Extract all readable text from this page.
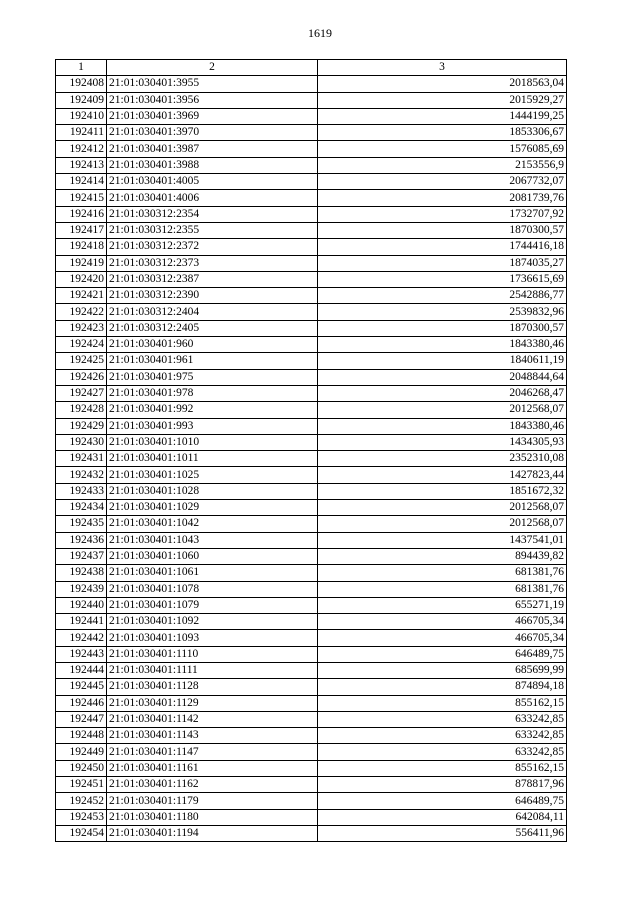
1619
1	2	3
192408	21:01:030401:3955	2018563,04
192409	21:01:030401:3956	2015929,27
192410	21:01:030401:3969	1444199,25
192411	21:01:030401:3970	1853306,67
192412	21:01:030401:3987	1576085,69
192413	21:01:030401:3988	2153556,9
192414	21:01:030401:4005	2067732,07
192415	21:01:030401:4006	2081739,76
192416	21:01:030312:2354	1732707,92
192417	21:01:030312:2355	1870300,57
192418	21:01:030312:2372	1744416,18
192419	21:01:030312:2373	1874035,27
192420	21:01:030312:2387	1736615,69
192421	21:01:030312:2390	2542886,77
192422	21:01:030312:2404	2539832,96
192423	21:01:030312:2405	1870300,57
192424	21:01:030401:960	1843380,46
192425	21:01:030401:961	1840611,19
192426	21:01:030401:975	2048844,64
192427	21:01:030401:978	2046268,47
192428	21:01:030401:992	2012568,07
192429	21:01:030401:993	1843380,46
192430	21:01:030401:1010	1434305,93
192431	21:01:030401:1011	2352310,08
192432	21:01:030401:1025	1427823,44
192433	21:01:030401:1028	1851672,32
192434	21:01:030401:1029	2012568,07
192435	21:01:030401:1042	2012568,07
192436	21:01:030401:1043	1437541,01
192437	21:01:030401:1060	894439,82
192438	21:01:030401:1061	681381,76
192439	21:01:030401:1078	681381,76
192440	21:01:030401:1079	655271,19
192441	21:01:030401:1092	466705,34
192442	21:01:030401:1093	466705,34
192443	21:01:030401:1110	646489,75
192444	21:01:030401:1111	685699,99
192445	21:01:030401:1128	874894,18
192446	21:01:030401:1129	855162,15
192447	21:01:030401:1142	633242,85
192448	21:01:030401:1143	633242,85
192449	21:01:030401:1147	633242,85
192450	21:01:030401:1161	855162,15
192451	21:01:030401:1162	878817,96
192452	21:01:030401:1179	646489,75
192453	21:01:030401:1180	642084,11
192454	21:01:030401:1194	556411,96
